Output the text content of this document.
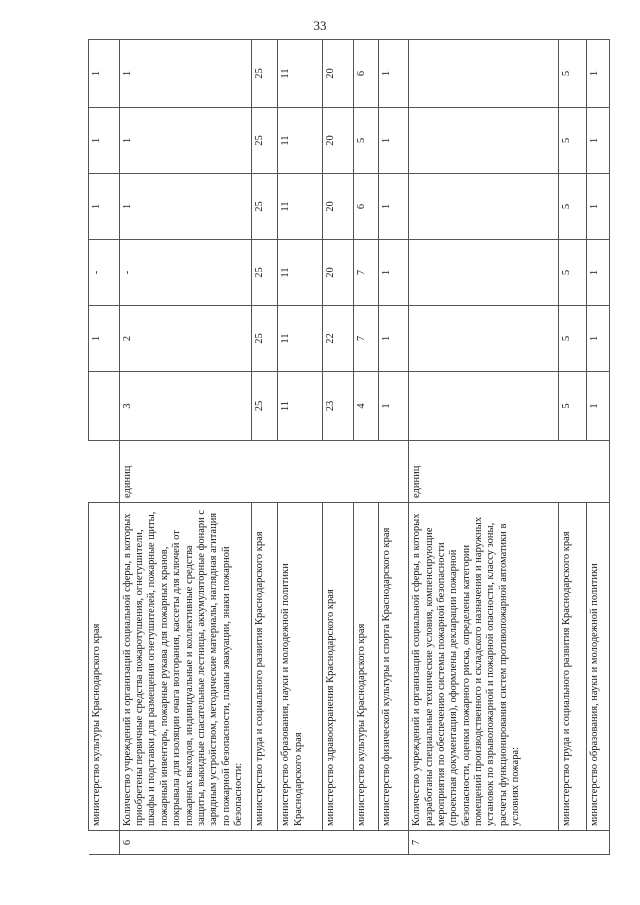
33
	министерство культуры Краснодарского края			1	-	1	1	1
6	Количество учреждений и организаций социальной сферы, в которых приобретены первичные средства пожаротушения, огнетушители, шкафы и подставки для размещения огнетушителей, пожарные щиты, пожарный инвентарь, пожарные рукава для пожарных кранов, покрывала для изоляции очага возгорания, кассеты для ключей от пожарных выходов, индивидуальные и коллективные средства защиты, выкидные спасательные лестницы, аккумуляторные фонари с зарядным устройством, методические материалы, наглядная агитация по пожарной безопасности, планы эвакуации, знаки пожарной безопасности:	единиц	3	2	-	1	1	1
	министерство труда и социального развития Краснодарского края		25	25	25	25	25	25
	министерство образования, науки и молодежной политики Краснодарского края		11	11	11	11	11	11
	министерство здравоохранения Краснодарского края		23	22	20	20	20	20
	министерство культуры Краснодарского края		4	7	7	6	5	6
	министерство физической культуры и спорта Краснодарского края		1	1	1	1	1	1
7	Количество учреждений и организаций социальной сферы, в которых разработаны специальные технические условия, компенсирующие мероприятия по обеспечению системы пожарной безопасности (проектная документация), оформлены декларации пожарной безопасности, оценки пожарного риска, определены категории помещений производственного и складского назначения и наружных установок по взрывопожарной и пожарной опасности, классу зоны, расчеты функционирования систем противопожарной автоматики в условиях пожара:	единиц						
	министерство труда и социального развития Краснодарского края		5	5	5	5	5	5
	министерство образования, науки и молодежной политики		1	1	1	1	1	1
